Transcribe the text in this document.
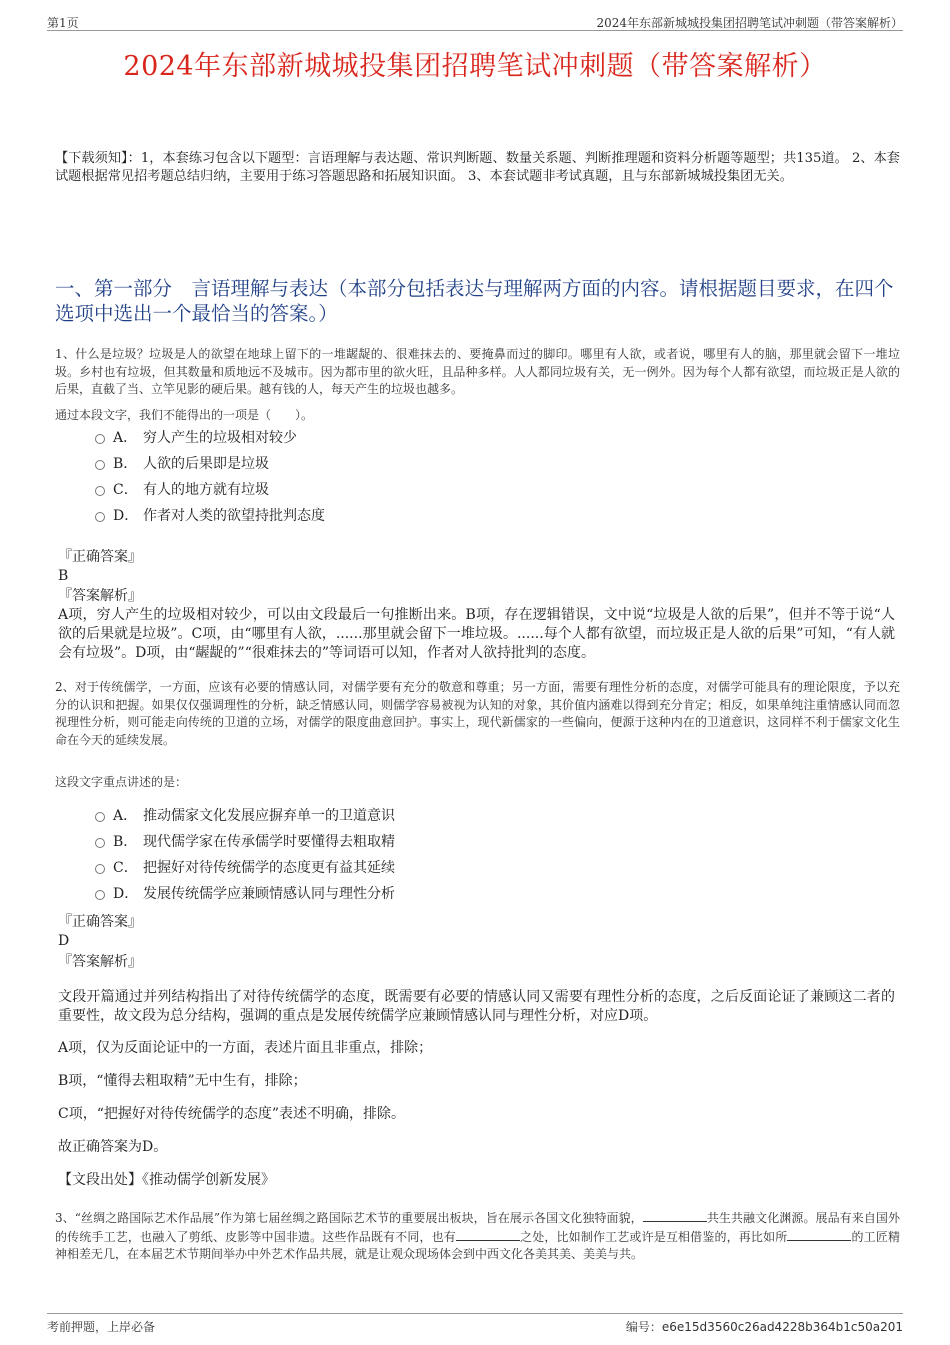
第1页	2024年东部新城城投集团招聘笔试冲刺题（带答案解析）
2024年东部新城城投集团招聘笔试冲刺题（带答案解析）
【下载须知】：1，本套练习包含以下题型：言语理解与表达题、常识判断题、数量关系题、判断推理题和资料分析题等题型；共135道。 2、本套试题根据常见招考题总结归纳，主要用于练习答题思路和拓展知识面。 3、本套试题非考试真题，且与东部新城城投集团无关。
一、第一部分　言语理解与表达（本部分包括表达与理解两方面的内容。请根据题目要求，在四个选项中选出一个最恰当的答案。）
1、什么是垃圾？垃圾是人的欲望在地球上留下的一堆龌龊的、很难抹去的、要掩鼻而过的脚印。哪里有人欲，或者说，哪里有人的脑，那里就会留下一堆垃圾。乡村也有垃圾，但其数量和质地远不及城市。因为都市里的欲火旺，且品种多样。人人都同垃圾有关，无一例外。因为每个人都有欲望，而垃圾正是人欲的后果，直截了当、立竿见影的硬后果。越有钱的人，每天产生的垃圾也越多。
通过本段文字，我们不能得出的一项是（　　）。
A． 穷人产生的垃圾相对较少
B． 人欲的后果即是垃圾
C． 有人的地方就有垃圾
D． 作者对人类的欲望持批判态度
『正确答案』
B
『答案解析』
A项，穷人产生的垃圾相对较少，可以由文段最后一句推断出来。B项，存在逻辑错误，文中说“垃圾是人欲的后果”，但并不等于说“人欲的后果就是垃圾”。C项，由“哪里有人欲，......那里就会留下一堆垃圾。......每个人都有欲望，而垃圾正是人欲的后果”可知，“有人就会有垃圾”。D项，由“龌龊的”“很难抹去的”等词语可以知，作者对人欲持批判的态度。
2、对于传统儒学，一方面，应该有必要的情感认同，对儒学要有充分的敬意和尊重；另一方面，需要有理性分析的态度，对儒学可能具有的理论限度，予以充分的认识和把握。如果仅仅强调理性的分析，缺乏情感认同，则儒学容易被视为认知的对象，其价值内涵难以得到充分肯定；相反，如果单纯注重情感认同而忽视理性分析，则可能走向传统的卫道的立场，对儒学的限度曲意回护。事实上，现代新儒家的一些偏向，便源于这种内在的卫道意识，这同样不利于儒家文化生命在今天的延续发展。
这段文字重点讲述的是：
A． 推动儒家文化发展应摒弃单一的卫道意识
B． 现代儒学家在传承儒学时要懂得去粗取精
C． 把握好对待传统儒学的态度更有益其延续
D． 发展传统儒学应兼顾情感认同与理性分析
『正确答案』
D
『答案解析』
文段开篇通过并列结构指出了对待传统儒学的态度，既需要有必要的情感认同又需要有理性分析的态度，之后反面论证了兼顾这二者的重要性，故文段为总分结构，强调的重点是发展传统儒学应兼顾情感认同与理性分析，对应D项。
A项，仅为反面论证中的一方面，表述片面且非重点，排除；
B项，“懂得去粗取精”无中生有，排除；
C项，“把握好对待传统儒学的态度”表述不明确，排除。
故正确答案为D。
【文段出处】《推动儒学创新发展》
3、“丝绸之路国际艺术作品展”作为第七届丝绸之路国际艺术节的重要展出板块，旨在展示各国文化独特面貌，	共生共融文化渊源。展品有来自国外的传统手工艺，也融入了剪纸、皮影等中国非遗。这些作品既有不同，也有	之处，比如制作工艺或许是互相借鉴的，再比如所	的工匠精神相差无几，在本届艺术节期间举办中外艺术作品共展，就是让观众现场体会到中西文化各美其美、美美与共。
考前押题，上岸必备	编号：e6e15d3560c26ad4228b364b1c50a201
